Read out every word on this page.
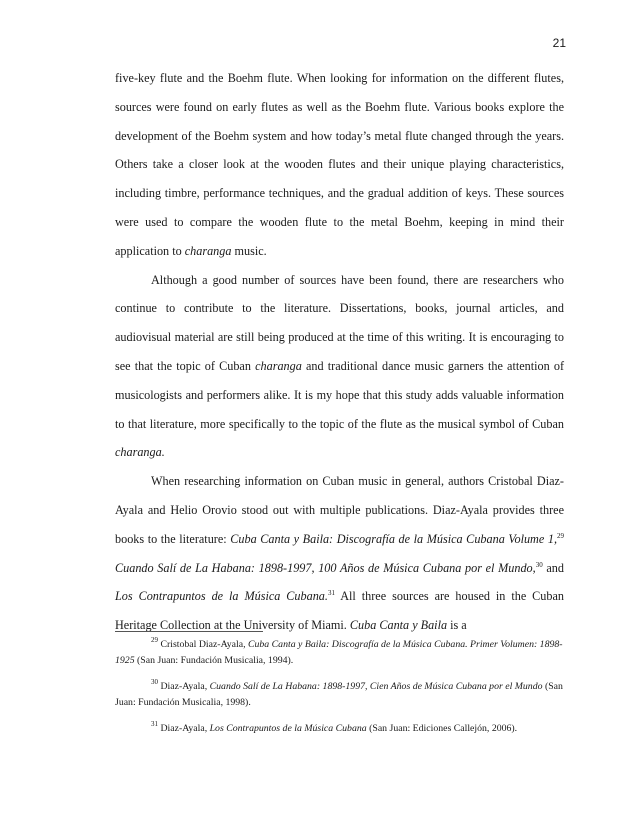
21

five-key flute and the Boehm flute. When looking for information on the different flutes, sources were found on early flutes as well as the Boehm flute. Various books explore the development of the Boehm system and how today’s metal flute changed through the years. Others take a closer look at the wooden flutes and their unique playing characteristics, including timbre, performance techniques, and the gradual addition of keys. These sources were used to compare the wooden flute to the metal Boehm, keeping in mind their application to charanga music.

Although a good number of sources have been found, there are researchers who continue to contribute to the literature. Dissertations, books, journal articles, and audiovisual material are still being produced at the time of this writing. It is encouraging to see that the topic of Cuban charanga and traditional dance music garners the attention of musicologists and performers alike. It is my hope that this study adds valuable information to that literature, more specifically to the topic of the flute as the musical symbol of Cuban charanga.

When researching information on Cuban music in general, authors Cristobal Diaz-Ayala and Helio Orovio stood out with multiple publications. Diaz-Ayala provides three books to the literature: Cuba Canta y Baila: Discografía de la Música Cubana Volume 1,29 Cuando Salí de La Habana: 1898-1997, 100 Años de Música Cubana por el Mundo,$^{30}$ and Los Contrapuntos de la Música Cubana.$^{31}$ All three sources are housed in the Cuban Heritage Collection at the University of Miami. Cuba Canta y Baila is a

$^{29}$ Cristobal Diaz-Ayala, Cuba Canta y Baila: Discografía de la Música Cubana. Primer Volumen: 1898-1925 (San Juan: Fundación Musicalia, 1994).

$^{30}$ Diaz-Ayala, Cuando Salí de La Habana: 1898-1997, Cien Años de Música Cubana por el Mundo (San Juan: Fundación Musicalia, 1998).

$^{31}$ Diaz-Ayala, Los Contrapuntos de la Música Cubana (San Juan: Ediciones Callejón, 2006).
